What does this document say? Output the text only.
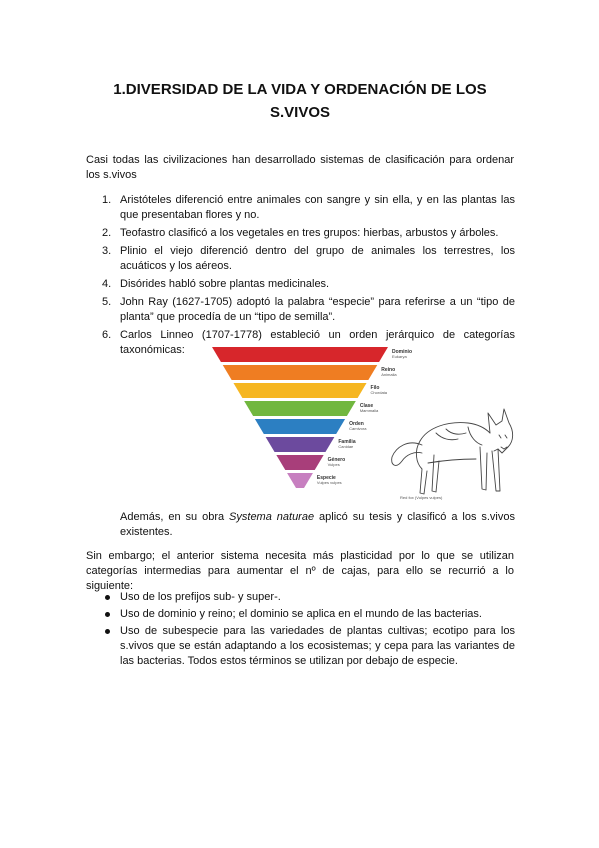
1.DIVERSIDAD DE LA VIDA Y ORDENACIÓN DE LOS
S.VIVOS

Casi todas las civilizaciones han desarrollado sistemas de clasificación para ordenar los s.vivos

1. Aristóteles diferenció entre animales con sangre y sin ella, y en las plantas las que presentaban flores y no.
2. Teofastro clasificó a los vegetales en tres grupos: hierbas, arbustos y árboles.
3. Plinio el viejo diferenció dentro del grupo de animales los terrestres, los acuáticos y los aéreos.
4. Disórides habló sobre plantas medicinales.
5. John Ray (1627-1705) adoptó la palabra “especie” para referirse a un “tipo de planta” que procedía de un “tipo de semilla”.
6. Carlos Linneo (1707-1778) estableció un orden jerárquico de categorías taxonómicas:	Dominio
Eukarya
Reino
Animalia
Filo
Chordata
Clase
Mammalia
Orden
Carnivora
Familia
Canidae
Género
Vulpes
Especie
Vulpes vulpes
Red fox (Vulpes vulpes)

Además, en su obra Systema naturae aplicó su tesis y clasificó a los s.vivos existentes.

Sin embargo; el anterior sistema necesita más plasticidad por lo que se utilizan categorías intermedias para aumentar el nº de cajas, para ello se recurrió a lo siguiente:

Uso de los prefijos sub- y super-.
Uso de dominio y reino; el dominio se aplica en el mundo de las bacterias.
Uso de subespecie para las variedades de plantas cultivas; ecotipo para los s.vivos que se están adaptando a los ecosistemas; y cepa para las variantes de las bacterias. Todos estos términos se utilizan por debajo de especie.
